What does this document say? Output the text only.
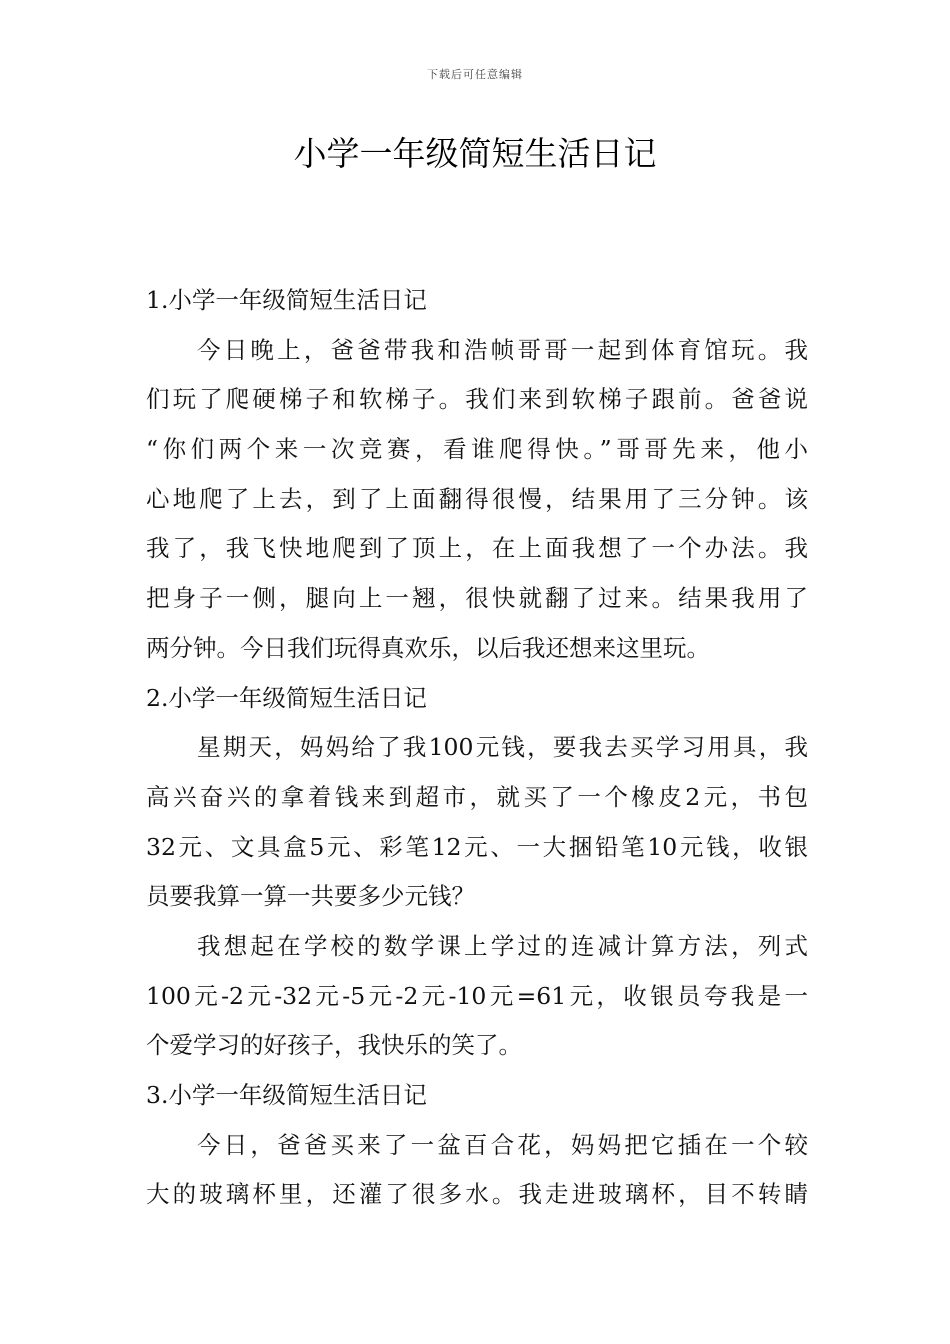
下载后可任意编辑
小学一年级简短生活日记
1.小学一年级简短生活日记
今日晚上，爸爸带我和浩帧哥哥一起到体育馆玩。我
们玩了爬硬梯子和软梯子。我们来到软梯子跟前。爸爸说
“你们两个来一次竞赛，看谁爬得快。”哥哥先来，他小
心地爬了上去，到了上面翻得很慢，结果用了三分钟。该
我了，我飞快地爬到了顶上，在上面我想了一个办法。我
把身子一侧，腿向上一翘，很快就翻了过来。结果我用了
两分钟。今日我们玩得真欢乐，以后我还想来这里玩。
2.小学一年级简短生活日记
星期天，妈妈给了我100元钱，要我去买学习用具，我
高兴奋兴的拿着钱来到超市，就买了一个橡皮2元，书包
32元、文具盒5元、彩笔12元、一大捆铅笔10元钱，收银
员要我算一算一共要多少元钱？
我想起在学校的数学课上学过的连减计算方法，列式
100元-2元-32元-5元-2元-10元=61元，收银员夸我是一
个爱学习的好孩子，我快乐的笑了。
3.小学一年级简短生活日记
今日，爸爸买来了一盆百合花，妈妈把它插在一个较
大的玻璃杯里，还灌了很多水。我走进玻璃杯，目不转睛
